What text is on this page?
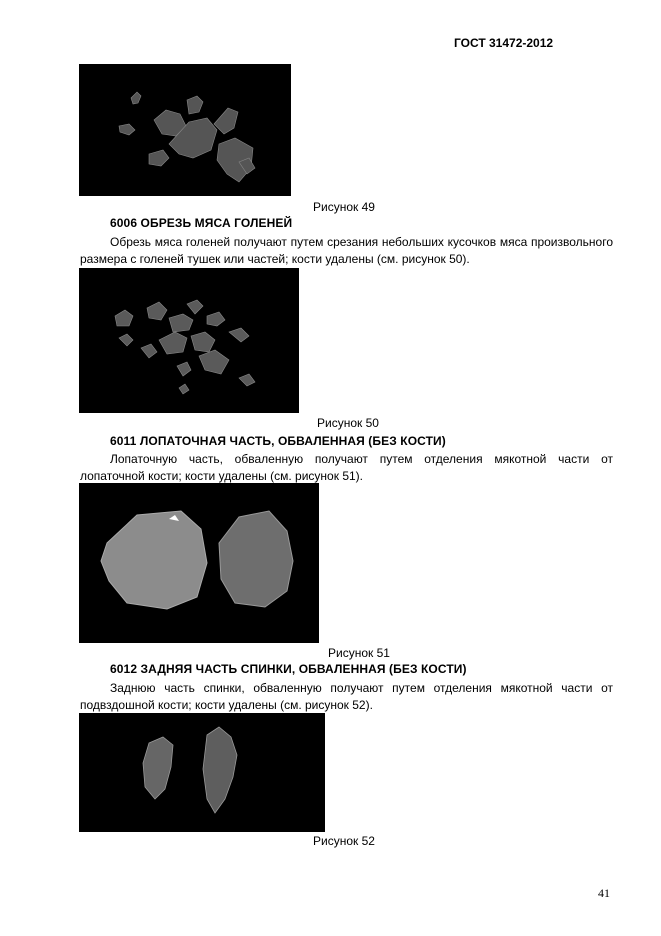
ГОСТ 31472-2012
Рисунок 49
6006 ОБРЕЗЬ МЯСА ГОЛЕНЕЙ
Обрезь мяса голеней получают путем срезания небольших кусочков мяса произвольного размера с голеней тушек или частей; кости удалены (см. рисунок 50).
Рисунок 50
6011 ЛОПАТОЧНАЯ ЧАСТЬ, ОБВАЛЕННАЯ (БЕЗ КОСТИ)
Лопаточную часть, обваленную получают путем отделения мякотной части от лопаточной кости; кости удалены (см. рисунок 51).
Рисунок 51
6012 ЗАДНЯЯ ЧАСТЬ СПИНКИ, ОБВАЛЕННАЯ (БЕЗ КОСТИ)
Заднюю часть спинки, обваленную получают путем отделения мякотной части от подвздошной кости; кости удалены (см. рисунок 52).
Рисунок 52
41
